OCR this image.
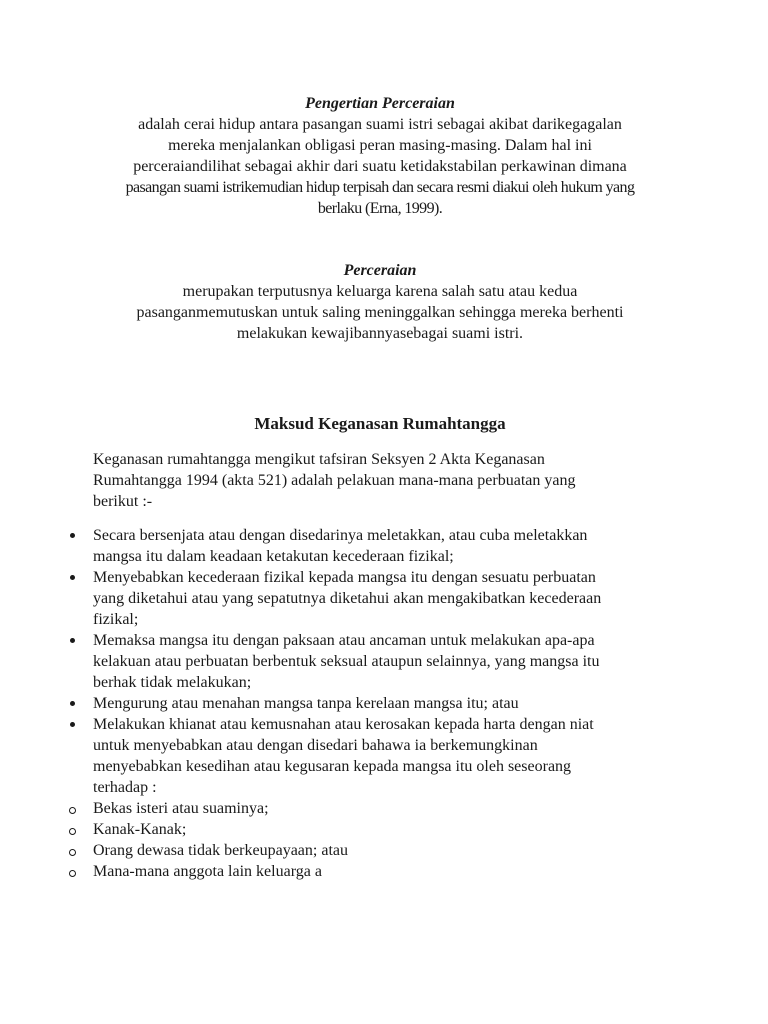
Pengertian Perceraian
adalah cerai hidup antara pasangan suami istri sebagai akibat darikegagalan
mereka menjalankan obligasi peran masing-masing. Dalam hal ini
perceraiandilihat sebagai akhir dari suatu ketidakstabilan perkawinan dimana
pasangan suami istrikemudian hidup terpisah dan secara resmi diakui oleh hukum yang
berlaku (Erna, 1999).
Perceraian
merupakan terputusnya keluarga karena salah satu atau kedua
pasanganmemutuskan untuk saling meninggalkan sehingga mereka berhenti
melakukan kewajibannyasebagai suami istri.
Maksud Keganasan Rumahtangga
Keganasan rumahtangga mengikut tafsiran Seksyen 2 Akta Keganasan
Rumahtangga 1994 (akta 521) adalah pelakuan mana-mana perbuatan yang
berikut :-
Secara bersenjata atau dengan disedarinya meletakkan, atau cuba meletakkan
mangsa itu dalam keadaan ketakutan kecederaan fizikal;
Menyebabkan kecederaan fizikal kepada mangsa itu dengan sesuatu perbuatan
yang diketahui atau yang sepatutnya diketahui akan mengakibatkan kecederaan
fizikal;
Memaksa mangsa itu dengan paksaan atau ancaman untuk melakukan apa-apa
kelakuan atau perbuatan berbentuk seksual ataupun selainnya, yang mangsa itu
berhak tidak melakukan;
Mengurung atau menahan mangsa tanpa kerelaan mangsa itu; atau
Melakukan khianat atau kemusnahan atau kerosakan kepada harta dengan niat
untuk menyebabkan atau dengan disedari bahawa ia berkemungkinan
menyebabkan kesedihan atau kegusaran kepada mangsa itu oleh seseorang
terhadap :
Bekas isteri atau suaminya;
Kanak-Kanak;
Orang dewasa tidak berkeupayaan; atau
Mana-mana anggota lain keluarga a
